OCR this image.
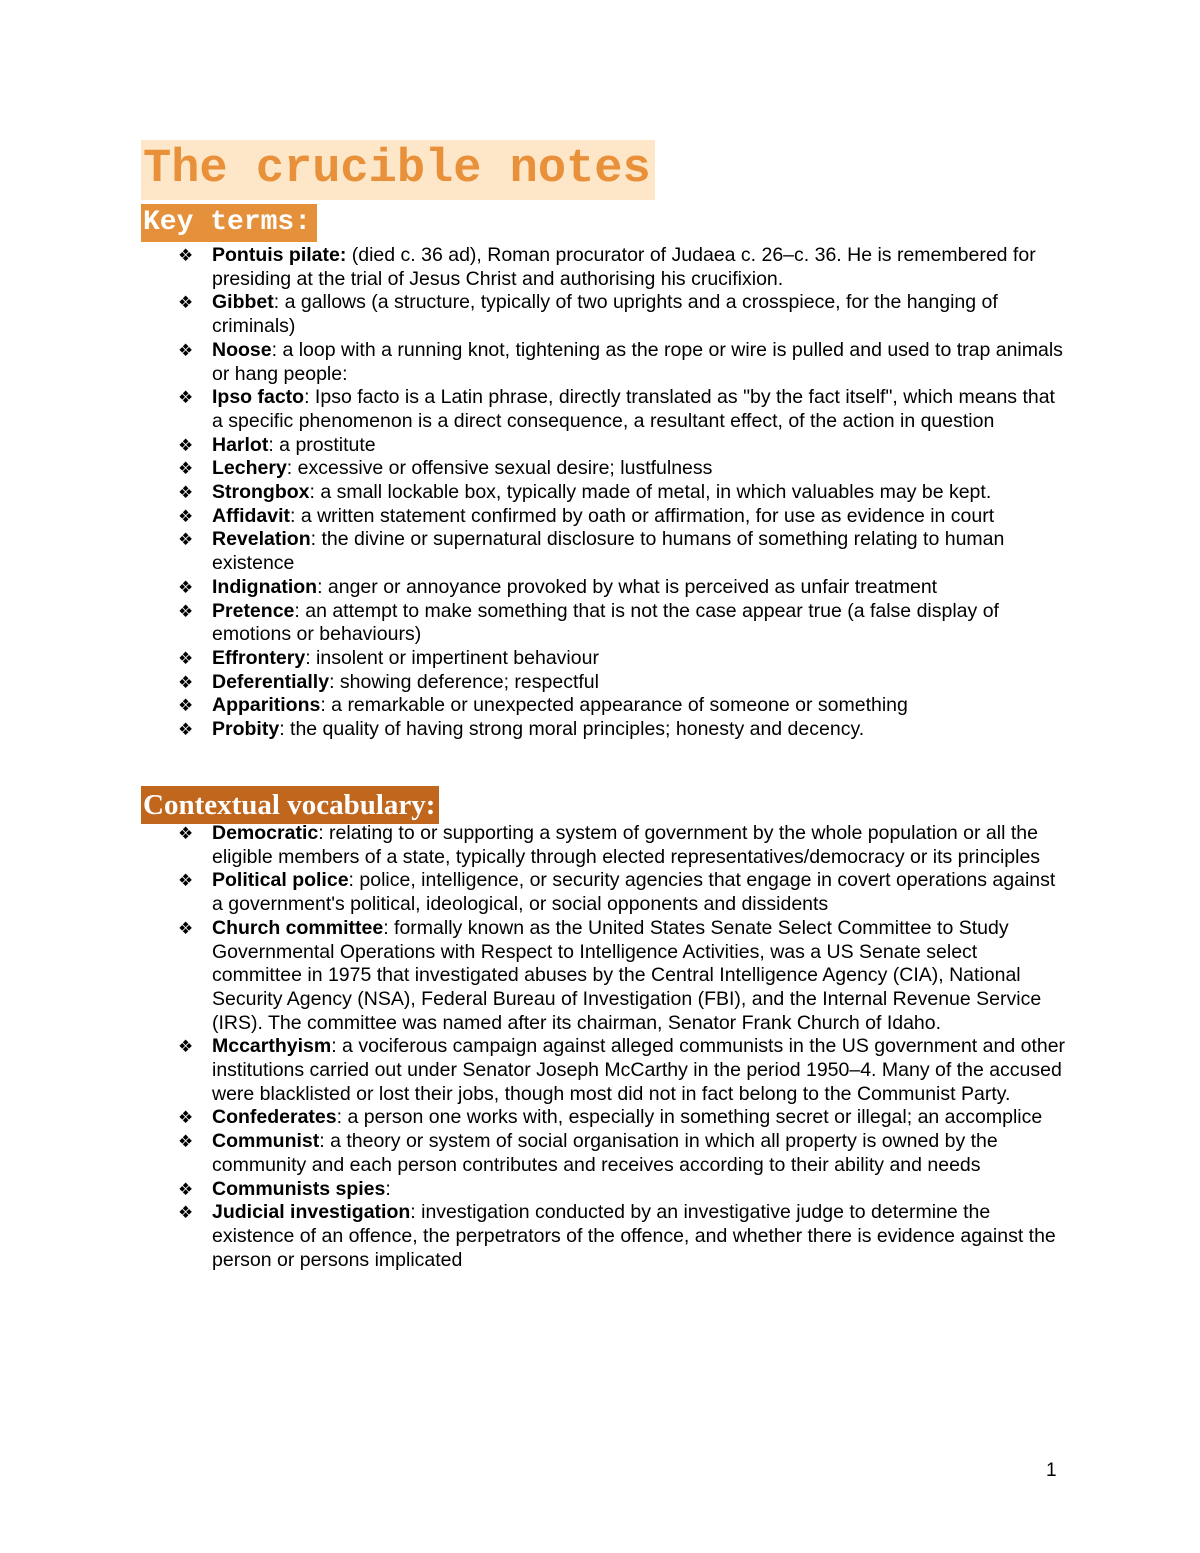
The crucible notes
Key terms:
❖ Pontuis pilate: (died c. 36 ad), Roman procurator of Judaea c. 26–c. 36. He is remembered for presiding at the trial of Jesus Christ and authorising his crucifixion.
❖ Gibbet: a gallows (a structure, typically of two uprights and a crosspiece, for the hanging of criminals)
❖ Noose: a loop with a running knot, tightening as the rope or wire is pulled and used to trap animals or hang people:
❖ Ipso facto: Ipso facto is a Latin phrase, directly translated as "by the fact itself", which means that a specific phenomenon is a direct consequence, a resultant effect, of the action in question
❖ Harlot: a prostitute
❖ Lechery: excessive or offensive sexual desire; lustfulness
❖ Strongbox: a small lockable box, typically made of metal, in which valuables may be kept.
❖ Affidavit: a written statement confirmed by oath or affirmation, for use as evidence in court
❖ Revelation: the divine or supernatural disclosure to humans of something relating to human existence
❖ Indignation: anger or annoyance provoked by what is perceived as unfair treatment
❖ Pretence: an attempt to make something that is not the case appear true (a false display of emotions or behaviours)
❖ Effrontery: insolent or impertinent behaviour
❖ Deferentially: showing deference; respectful
❖ Apparitions: a remarkable or unexpected appearance of someone or something
❖ Probity: the quality of having strong moral principles; honesty and decency.
Contextual vocabulary:
❖ Democratic: relating to or supporting a system of government by the whole population or all the eligible members of a state, typically through elected representatives/democracy or its principles
❖ Political police: police, intelligence, or security agencies that engage in covert operations against a government's political, ideological, or social opponents and dissidents
❖ Church committee: formally known as the United States Senate Select Committee to Study Governmental Operations with Respect to Intelligence Activities, was a US Senate select committee in 1975 that investigated abuses by the Central Intelligence Agency (CIA), National Security Agency (NSA), Federal Bureau of Investigation (FBI), and the Internal Revenue Service (IRS). The committee was named after its chairman, Senator Frank Church of Idaho.
❖ Mccarthyism: a vociferous campaign against alleged communists in the US government and other institutions carried out under Senator Joseph McCarthy in the period 1950–4. Many of the accused were blacklisted or lost their jobs, though most did not in fact belong to the Communist Party.
❖ Confederates: a person one works with, especially in something secret or illegal; an accomplice
❖ Communist: a theory or system of social organisation in which all property is owned by the community and each person contributes and receives according to their ability and needs
❖ Communists spies:
❖ Judicial investigation: investigation conducted by an investigative judge to determine the existence of an offence, the perpetrators of the offence, and whether there is evidence against the person or persons implicated
1
